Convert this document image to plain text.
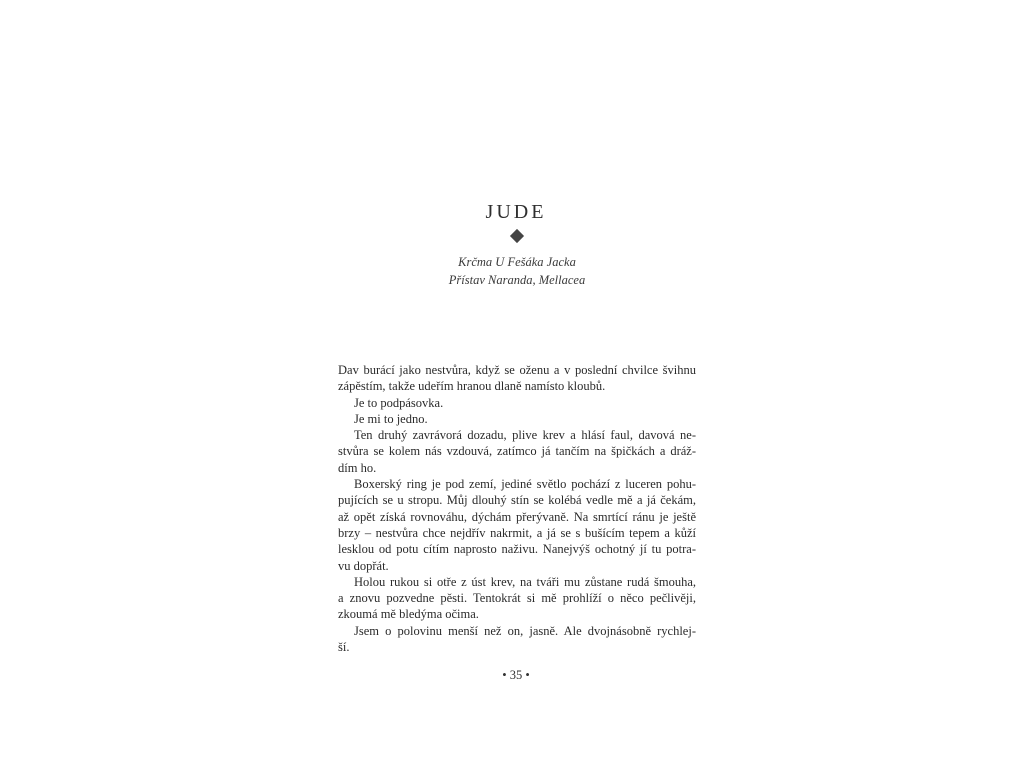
JUDE
Krčma U Fešáka Jacka
Přístav Naranda, Mellacea
Dav burácí jako nestvůra, když se oženu a v poslední chvilce švihnu
zápěstím, takže udeřím hranou dlaně namísto kloubů.
Je to podpásovka.
Je mi to jedno.
Ten druhý zavrávorá dozadu, plive krev a hlásí faul, davová ne-
stvůra se kolem nás vzdouvá, zatímco já tančím na špičkách a dráž-
dím ho.
Boxerský ring je pod zemí, jediné světlo pochází z luceren pohu-
pujících se u stropu. Můj dlouhý stín se kolébá vedle mě a já čekám,
až opět získá rovnováhu, dýchám přerývaně. Na smrtící ránu je ještě
brzy – nestvůra chce nejdřív nakrmit, a já se s bušícím tepem a kůží
lesklou od potu cítím naprosto naživu. Nanejvýš ochotný jí tu potra-
vu dopřát.
Holou rukou si otře z úst krev, na tváři mu zůstane rudá šmouha,
a znovu pozvedne pěsti. Tentokrát si mě prohlíží o něco pečlivěji,
zkoumá mě bledýma očima.
Jsem o polovinu menší než on, jasně. Ale dvojnásobně rychlej-
ší.
• 35 •
